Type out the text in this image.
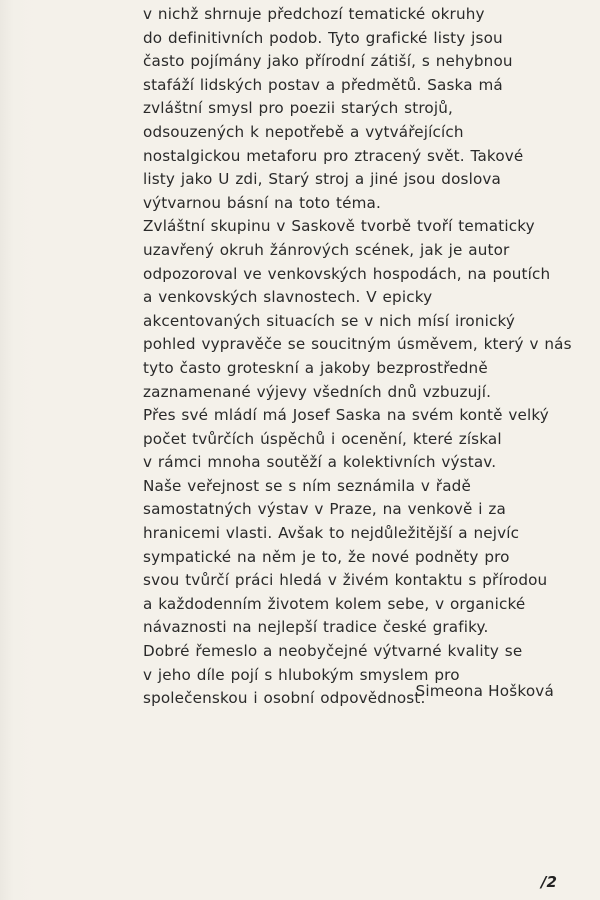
v nichž shrnuje předchozí tematické okruhy
do definitivních podob. Tyto grafické listy jsou
často pojímány jako přírodní zátiší, s nehybnou
stafáží lidských postav a předmětů. Saska má
zvláštní smysl pro poezii starých strojů,
odsouzených k nepotřebě a vytvářejících
nostalgickou metaforu pro ztracený svět. Takové
listy jako U zdi, Starý stroj a jiné jsou doslova
výtvarnou básní na toto téma.
Zvláštní skupinu v Saskově tvorbě tvoří tematicky
uzavřený okruh žánrových scének, jak je autor
odpozoroval ve venkovských hospodách, na poutích
a venkovských slavnostech. V epicky
akcentovaných situacích se v nich mísí ironický
pohled vypravěče se soucitným úsměvem, který v nás
tyto často groteskní a jakoby bezprostředně
zaznamenané výjevy všedních dnů vzbuzují.
Přes své mládí má Josef Saska na svém kontě velký
počet tvůrčích úspěchů i ocenění, které získal
v rámci mnoha soutěží a kolektivních výstav.
Naše veřejnost se s ním seznámila v řadě
samostatných výstav v Praze, na venkově i za
hranicemi vlasti. Avšak to nejdůležitější a nejvíc
sympatické na něm je to, že nové podněty pro
svou tvůrčí práci hledá v živém kontaktu s přírodou
a každodenním životem kolem sebe, v organické
návaznosti na nejlepší tradice české grafiky.
Dobré řemeslo a neobyčejné výtvarné kvality se
v jeho díle pojí s hlubokým smyslem pro
společenskou i osobní odpovědnost.
Simeona Hošková
/2
